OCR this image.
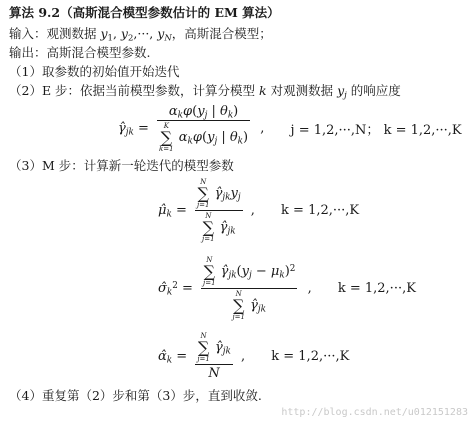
算法 9.2（高斯混合模型参数估计的 EM 算法）
输入：观测数据 $y_1$, $y_2,\cdot\cdot\cdot$, $y_N$，高斯混合模型；
输出：高斯混合模型参数.
（1）取参数的初始值开始迭代
（2）E 步：依据当前模型参数，计算分模型 k 对观测数据 $y_j$ 的响应度
$\gammâ_{jk} = \alpha_k\varphi(y_j$ | $\theta_k$)
K
∑
k=1
$\alpha_k\varphi(y_j$ | $\theta_k$) , j = 1,2,···,N； k = 1,2,···,K
（3）M 步：计算新一轮迭代的模型参数
$\mû_k = N$
∑
j=1
$\gammâ_{jk}y_j$
N
∑
j=1
$\gammâ_{jk}$ , k = 1,2,···,K
$\sigmâ_k^2 = N$
∑
j=1
$\gammâ_{jk}(y_j - \mu_k)^2$
N
∑
j=1
$\gammâ_{jk}$ , k = 1,2,···,K
$\alphâ_k = N$
∑
j=1
$\gammâ_{jk}$
N , k = 1,2,···,K
（4）重复第（2）步和第（3）步，直到收敛.
http://blog.csdn.net/u012151283
